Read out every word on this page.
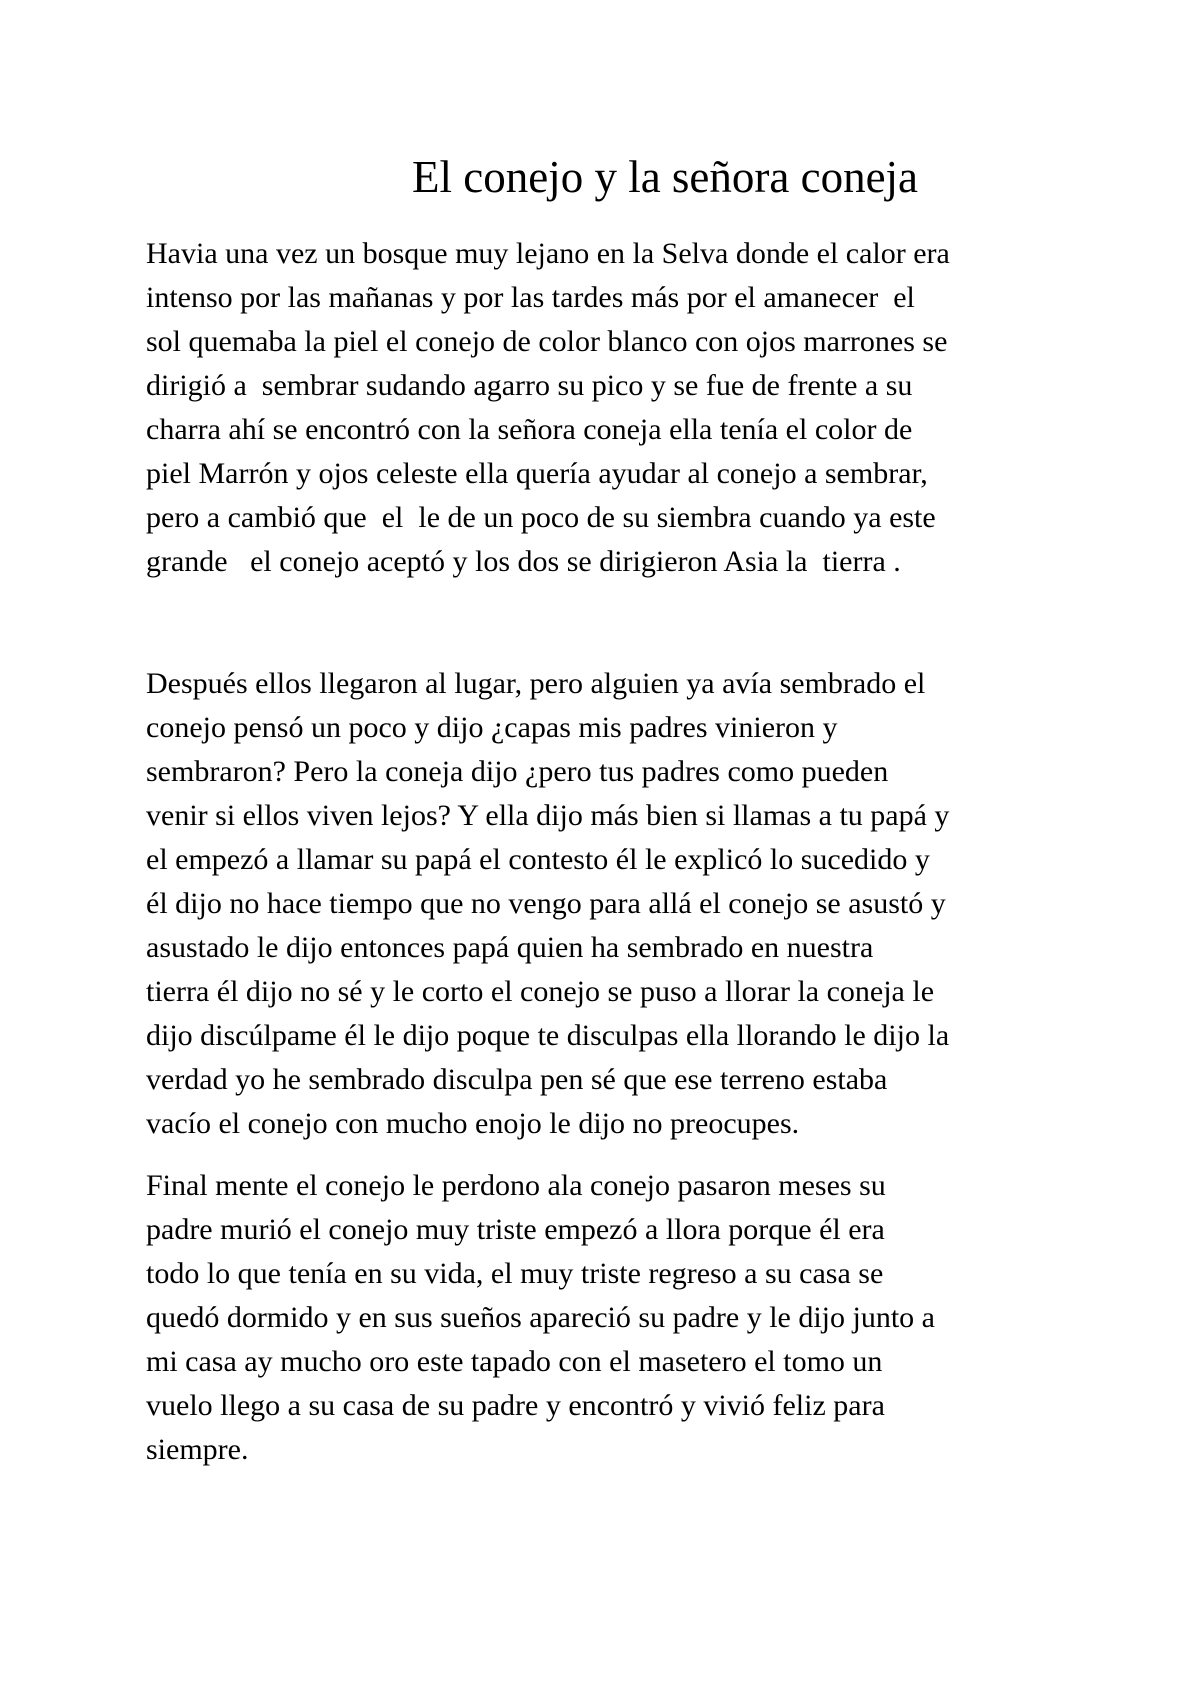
El conejo y la señora coneja
Havia una vez un bosque muy lejano en la Selva donde el calor era
intenso por las mañanas y por las tardes más por el amanecer  el
sol quemaba la piel el conejo de color blanco con ojos marrones se
dirigió a  sembrar sudando agarro su pico y se fue de frente a su
charra ahí se encontró con la señora coneja ella tenía el color de
piel Marrón y ojos celeste ella quería ayudar al conejo a sembrar,
pero a cambió que  el  le de un poco de su siembra cuando ya este
grande   el conejo aceptó y los dos se dirigieron Asia la  tierra .
Después ellos llegaron al lugar, pero alguien ya avía sembrado el
conejo pensó un poco y dijo ¿capas mis padres vinieron y
sembraron? Pero la coneja dijo ¿pero tus padres como pueden
venir si ellos viven lejos? Y ella dijo más bien si llamas a tu papá y
el empezó a llamar su papá el contesto él le explicó lo sucedido y
él dijo no hace tiempo que no vengo para allá el conejo se asustó y
asustado le dijo entonces papá quien ha sembrado en nuestra
tierra él dijo no sé y le corto el conejo se puso a llorar la coneja le
dijo discúlpame él le dijo poque te disculpas ella llorando le dijo la
verdad yo he sembrado disculpa pen sé que ese terreno estaba
vacío el conejo con mucho enojo le dijo no preocupes.
Final mente el conejo le perdono ala conejo pasaron meses su
padre murió el conejo muy triste empezó a llora porque él era
todo lo que tenía en su vida, el muy triste regreso a su casa se
quedó dormido y en sus sueños apareció su padre y le dijo junto a
mi casa ay mucho oro este tapado con el masetero el tomo un
vuelo llego a su casa de su padre y encontró y vivió feliz para
siempre.
